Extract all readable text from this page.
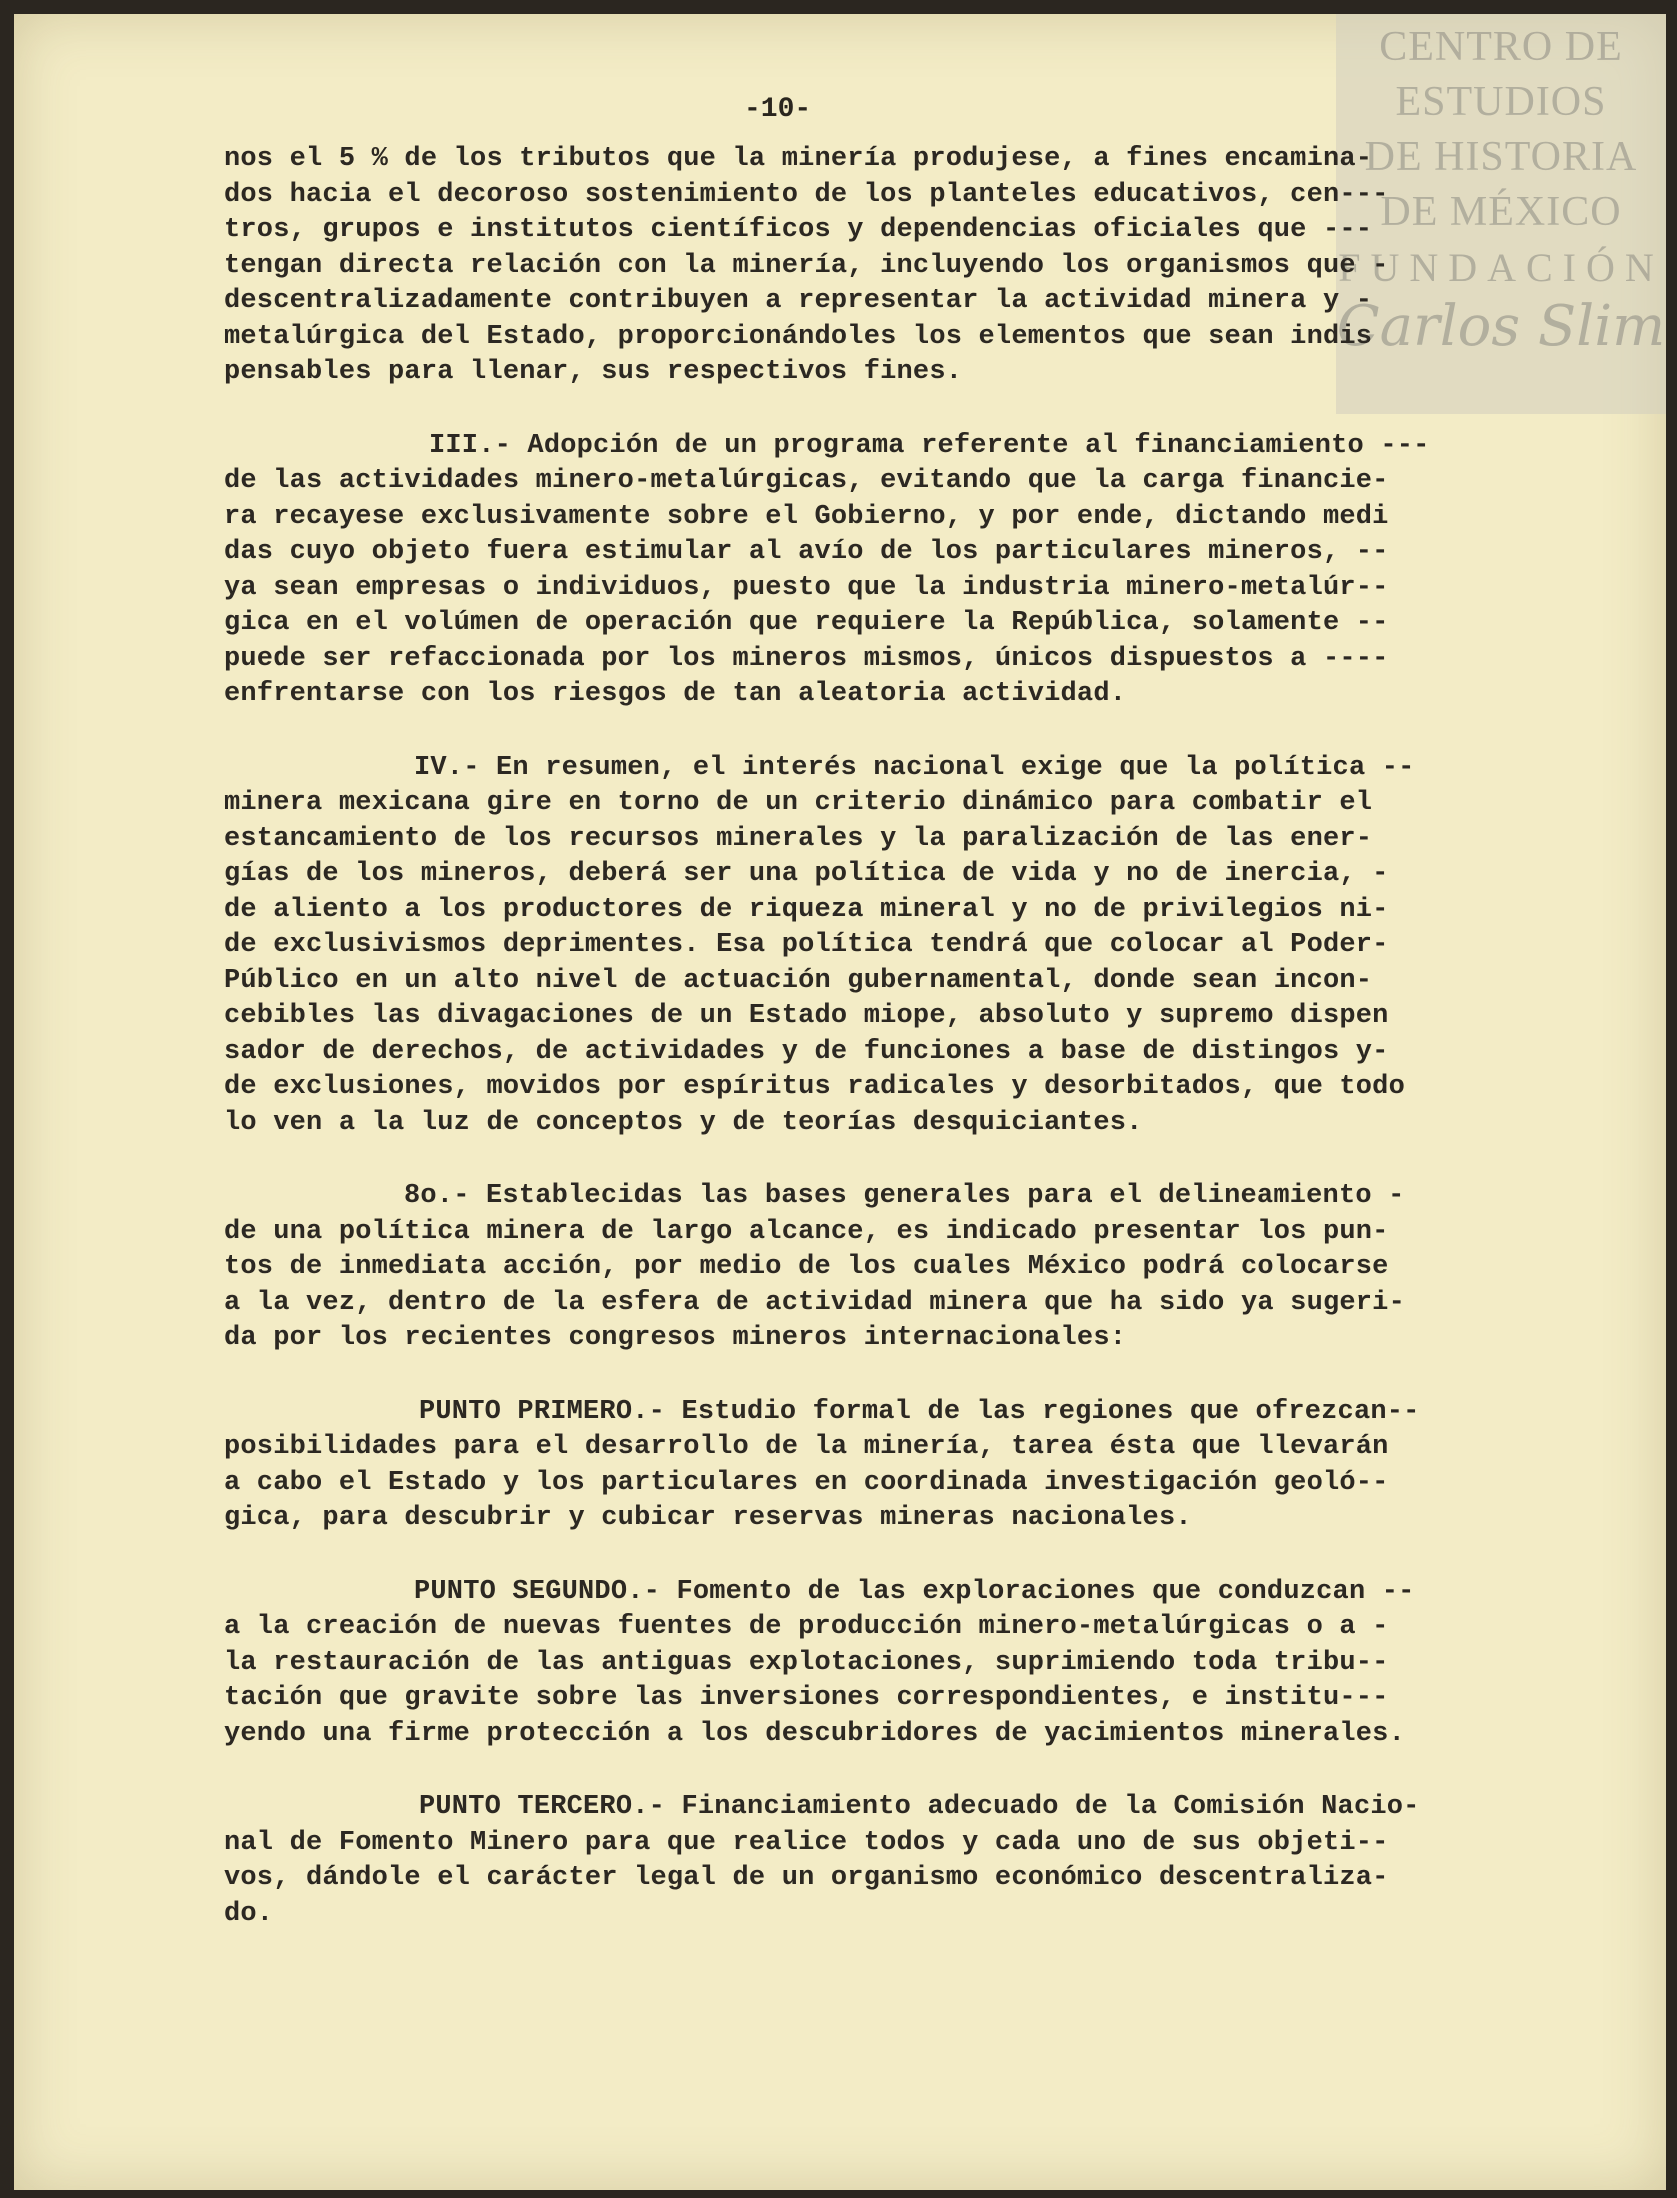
CENTRO DE
ESTUDIOS
DE HISTORIA
DE MÉXICO
FUNDACIÓN
Carlos Slim
-10-
nos el 5 % de los tributos que la minería produjese, a fines encamina-
dos hacia el decoroso sostenimiento de los planteles educativos, cen---
tros, grupos e institutos científicos y dependencias oficiales que ---
tengan directa relación con la minería, incluyendo los organismos que -
descentralizadamente contribuyen a representar la actividad minera y -
metalúrgica del Estado, proporcionándoles los elementos que sean indis
pensables para llenar, sus respectivos fines.
III.- Adopción de un programa referente al financiamiento ---
de las actividades minero-metalúrgicas, evitando que la carga financie-
ra recayese exclusivamente sobre el Gobierno, y por ende, dictando medi
das cuyo objeto fuera estimular al avío de los particulares mineros, --
ya sean empresas o individuos, puesto que la industria minero-metalúr--
gica en el volúmen de operación que requiere la República, solamente --
puede ser refaccionada por los mineros mismos, únicos dispuestos a ----
enfrentarse con los riesgos de tan aleatoria actividad.
IV.- En resumen, el interés nacional exige que la política --
minera mexicana gire en torno de un criterio dinámico para combatir el
estancamiento de los recursos minerales y la paralización de las ener-
gías de los mineros, deberá ser una política de vida y no de inercia, -
de aliento a los productores de riqueza mineral y no de privilegios ni-
de exclusivismos deprimentes. Esa política tendrá que colocar al Poder-
Público en un alto nivel de actuación gubernamental, donde sean incon-
cebibles las divagaciones de un Estado miope, absoluto y supremo dispen
sador de derechos, de actividades y de funciones a base de distingos y-
de exclusiones, movidos por espíritus radicales y desorbitados, que todo
lo ven a la luz de conceptos y de teorías desquiciantes.
8o.- Establecidas las bases generales para el delineamiento -
de una política minera de largo alcance, es indicado presentar los pun-
tos de inmediata acción, por medio de los cuales México podrá colocarse
a la vez, dentro de la esfera de actividad minera que ha sido ya sugeri-
da por los recientes congresos mineros internacionales:
PUNTO PRIMERO.- Estudio formal de las regiones que ofrezcan--
posibilidades para el desarrollo de la minería, tarea ésta que llevarán
a cabo el Estado y los particulares en coordinada investigación geoló--
gica, para descubrir y cubicar reservas mineras nacionales.
PUNTO SEGUNDO.- Fomento de las exploraciones que conduzcan --
a la creación de nuevas fuentes de producción minero-metalúrgicas o a -
la restauración de las antiguas explotaciones, suprimiendo toda tribu--
tación que gravite sobre las inversiones correspondientes, e institu---
yendo una firme protección a los descubridores de yacimientos minerales.
PUNTO TERCERO.- Financiamiento adecuado de la Comisión Nacio-
nal de Fomento Minero para que realice todos y cada uno de sus objeti--
vos, dándole el carácter legal de un organismo económico descentraliza-
do.
